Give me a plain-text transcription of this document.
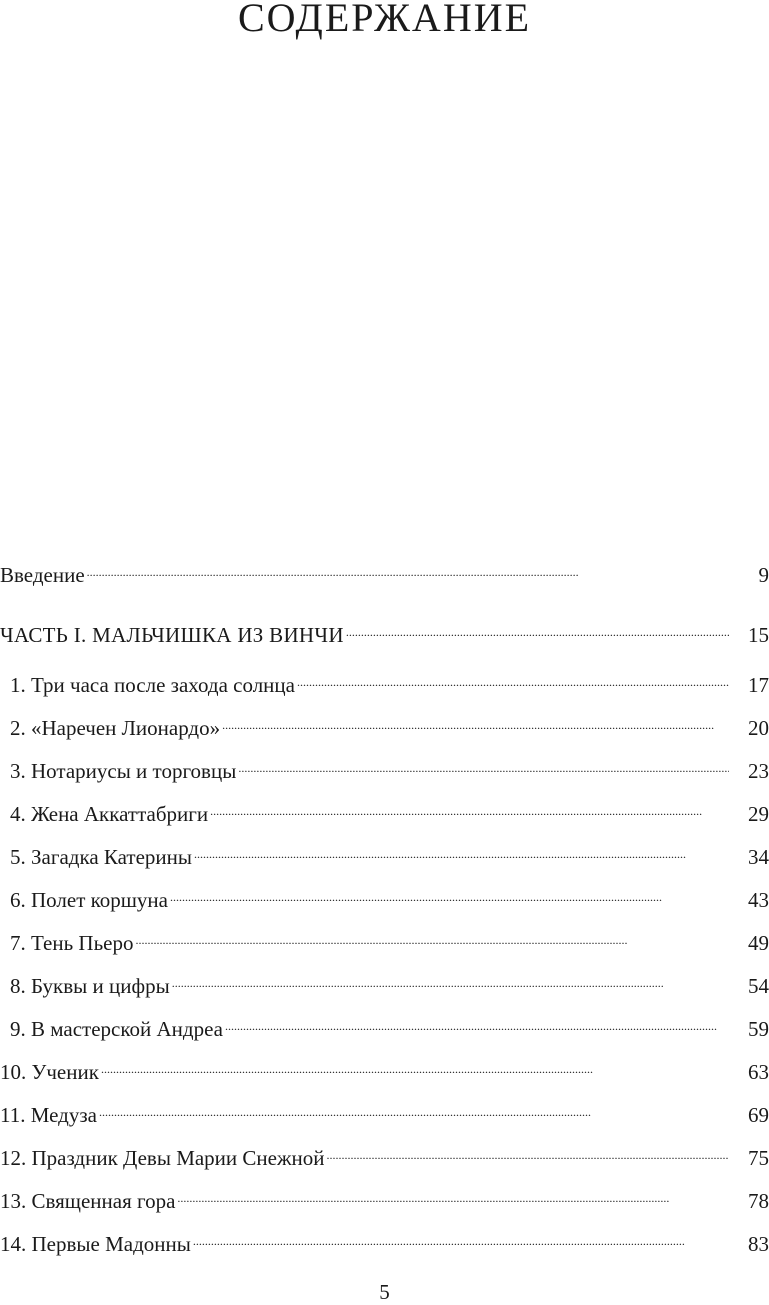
СОДЕРЖАНИЕ
Введение . . .	9
ЧАСТЬ I. МАЛЬЧИШКА ИЗ ВИНЧИ . . .	15
1. Три часа после захода солнца . . .	17
2. «Наречен Лионардо» . . .	20
3. Нотариусы и торговцы . . .	23
4. Жена Аккаттабриги . . .	29
5. Загадка Катерины . . .	34
6. Полет коршуна . . .	43
7. Тень Пьеро . . .	49
8. Буквы и цифры . . .	54
9. В мастерской Андреа . . .	59
10. Ученик . . .	63
11. Медуза . . .	69
12. Праздник Девы Марии Снежной . . .	75
13. Священная гора . . .	78
14. Первые Мадонны . . .	83
5
